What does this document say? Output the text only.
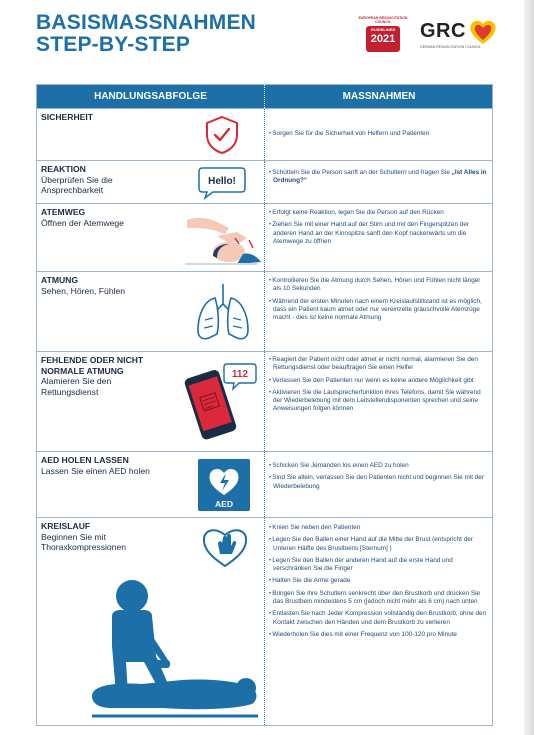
BASISMASSNAHMEN
STEP-BY-STEP
EUROPEAN RESUSCITATION COUNCIL
GUIDELINES
2021 GRC
GERMAN RESUSCITATION COUNCIL
HANDLUNGSABFOLGE	MASSNAHMEN
SICHERHEIT
• Sorgen Sie für die Sicherheit von Helfern und Patienten
REAKTION
Überprüfen Sie die Ansprechbarkeit
Hello!
• Schütteln Sie die Person sanft an der Schultern und fragen Sie „Ist Alles in Ordnung?“
ATEMWEG
Öffnen der Atemwege
• Erfolgt keine Reaktion, legen Sie die Person auf den Rücken
• Ziehen Sie mit einer Hand auf der Stirn und mit den Fingerspitzen der anderen Hand an der Kinnspitze sanft den Kopf nackenwärts um die Atemwege zu öffnen
ATMUNG
Sehen, Hören, Fühlen
• Kontrollieren Sie die Atmung durch Sehen, Hören und Fühlen nicht länger als 10 Sekunden
• Während der ersten Minuten nach einem Kreislaufstillstand ist es möglich, dass ein Patient kaum atmet oder nur vereinzelte gräuschvolle Atemzüge macht - dies ist keine normale Atmung
FEHLENDE ODER NICHT NORMALE ATMUNG
Alamieren Sie den Rettungsdienst
112
• Reagiert der Patient nicht oder atmet er nicht normal, alarmieren Sie den Rettungsdienst oder beauftragen Sie einen Helfer
• Verlassen Sie den Patienten nur wenn es keine andere Möglichkeit gibt
• Aktivieren Sie die Lautsprecherfunktion ihres Telefons, damit Sie während der Wiederbelebung mit dem Leitstellendisponenten sprechen und seine Anweisungen folgen können
AED HOLEN LASSEN
Lassen Sie einen AED holen
AED
• Schicken Sie Jemanden los einen AED zu holen
• Sind Sie allein, verlassen Sie den Patienten nicht und beginnen Sie mit der Wiederbelebung
KREISLAUF
Beginnen Sie mit Thoraxkompressionen
• Knien Sie neben den Patienten
• Legen Sie den Ballen einer Hand auf die Mitte der Brust (entspricht der Unteren Hälfte des Brustbeins [Sternum] )
• Legen Sie den Ballen der anderen Hand auf die erste Hand und verschränken Sie die Finger
• Halten Sie die Arme gerade
• Bringen Sie ihre Schultern senkrecht über den Brustkorb und drücken Sie das Brustbein mindestens 5 cm (jedoch nicht mehr als 6 cm) nach unten
• Entlasten Sie nach Jeder Kompression vollständig den Brustkorb, ohne den Kontakt zwischen den Händen und dem Brustkorb zu verlieren
• Wiederholen Sie dies mit einer Frequenz von 100-120 pro Minute
